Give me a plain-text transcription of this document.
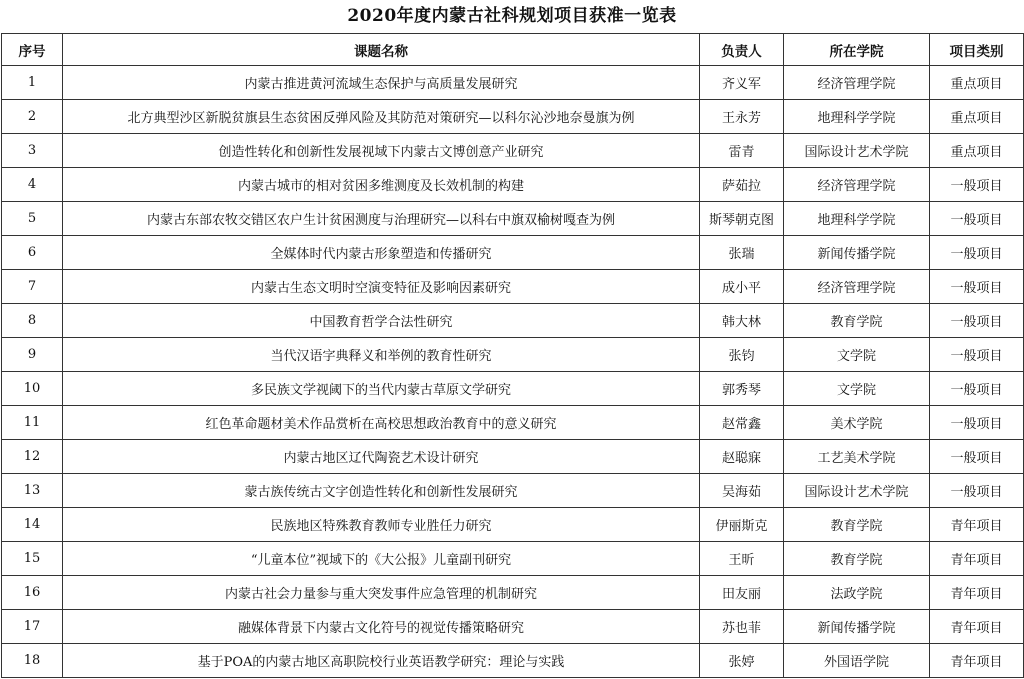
2020年度内蒙古社科规划项目获准一览表
序号	课题名称	负责人	所在学院	项目类别
1	内蒙古推进黄河流域生态保护与高质量发展研究	齐义军	经济管理学院	重点项目
2	北方典型沙区新脱贫旗县生态贫困反弹风险及其防范对策研究—以科尔沁沙地奈曼旗为例	王永芳	地理科学学院	重点项目
3	创造性转化和创新性发展视域下内蒙古文博创意产业研究	雷青	国际设计艺术学院	重点项目
4	内蒙古城市的相对贫困多维测度及长效机制的构建	萨茹拉	经济管理学院	一般项目
5	内蒙古东部农牧交错区农户生计贫困测度与治理研究—以科右中旗双榆树嘎查为例	斯琴朝克图	地理科学学院	一般项目
6	全媒体时代内蒙古形象塑造和传播研究	张瑞	新闻传播学院	一般项目
7	内蒙古生态文明时空演变特征及影响因素研究	成小平	经济管理学院	一般项目
8	中国教育哲学合法性研究	韩大林	教育学院	一般项目
9	当代汉语字典释义和举例的教育性研究	张钧	文学院	一般项目
10	多民族文学视阈下的当代内蒙古草原文学研究	郭秀琴	文学院	一般项目
11	红色革命题材美术作品赏析在高校思想政治教育中的意义研究	赵常鑫	美术学院	一般项目
12	内蒙古地区辽代陶瓷艺术设计研究	赵聪寐	工艺美术学院	一般项目
13	蒙古族传统古文字创造性转化和创新性发展研究	吴海茹	国际设计艺术学院	一般项目
14	民族地区特殊教育教师专业胜任力研究	伊丽斯克	教育学院	青年项目
15	“儿童本位”视域下的《大公报》儿童副刊研究	王昕	教育学院	青年项目
16	内蒙古社会力量参与重大突发事件应急管理的机制研究	田友丽	法政学院	青年项目
17	融媒体背景下内蒙古文化符号的视觉传播策略研究	苏也菲	新闻传播学院	青年项目
18	基于POA的内蒙古地区高职院校行业英语教学研究：理论与实践	张婷	外国语学院	青年项目
